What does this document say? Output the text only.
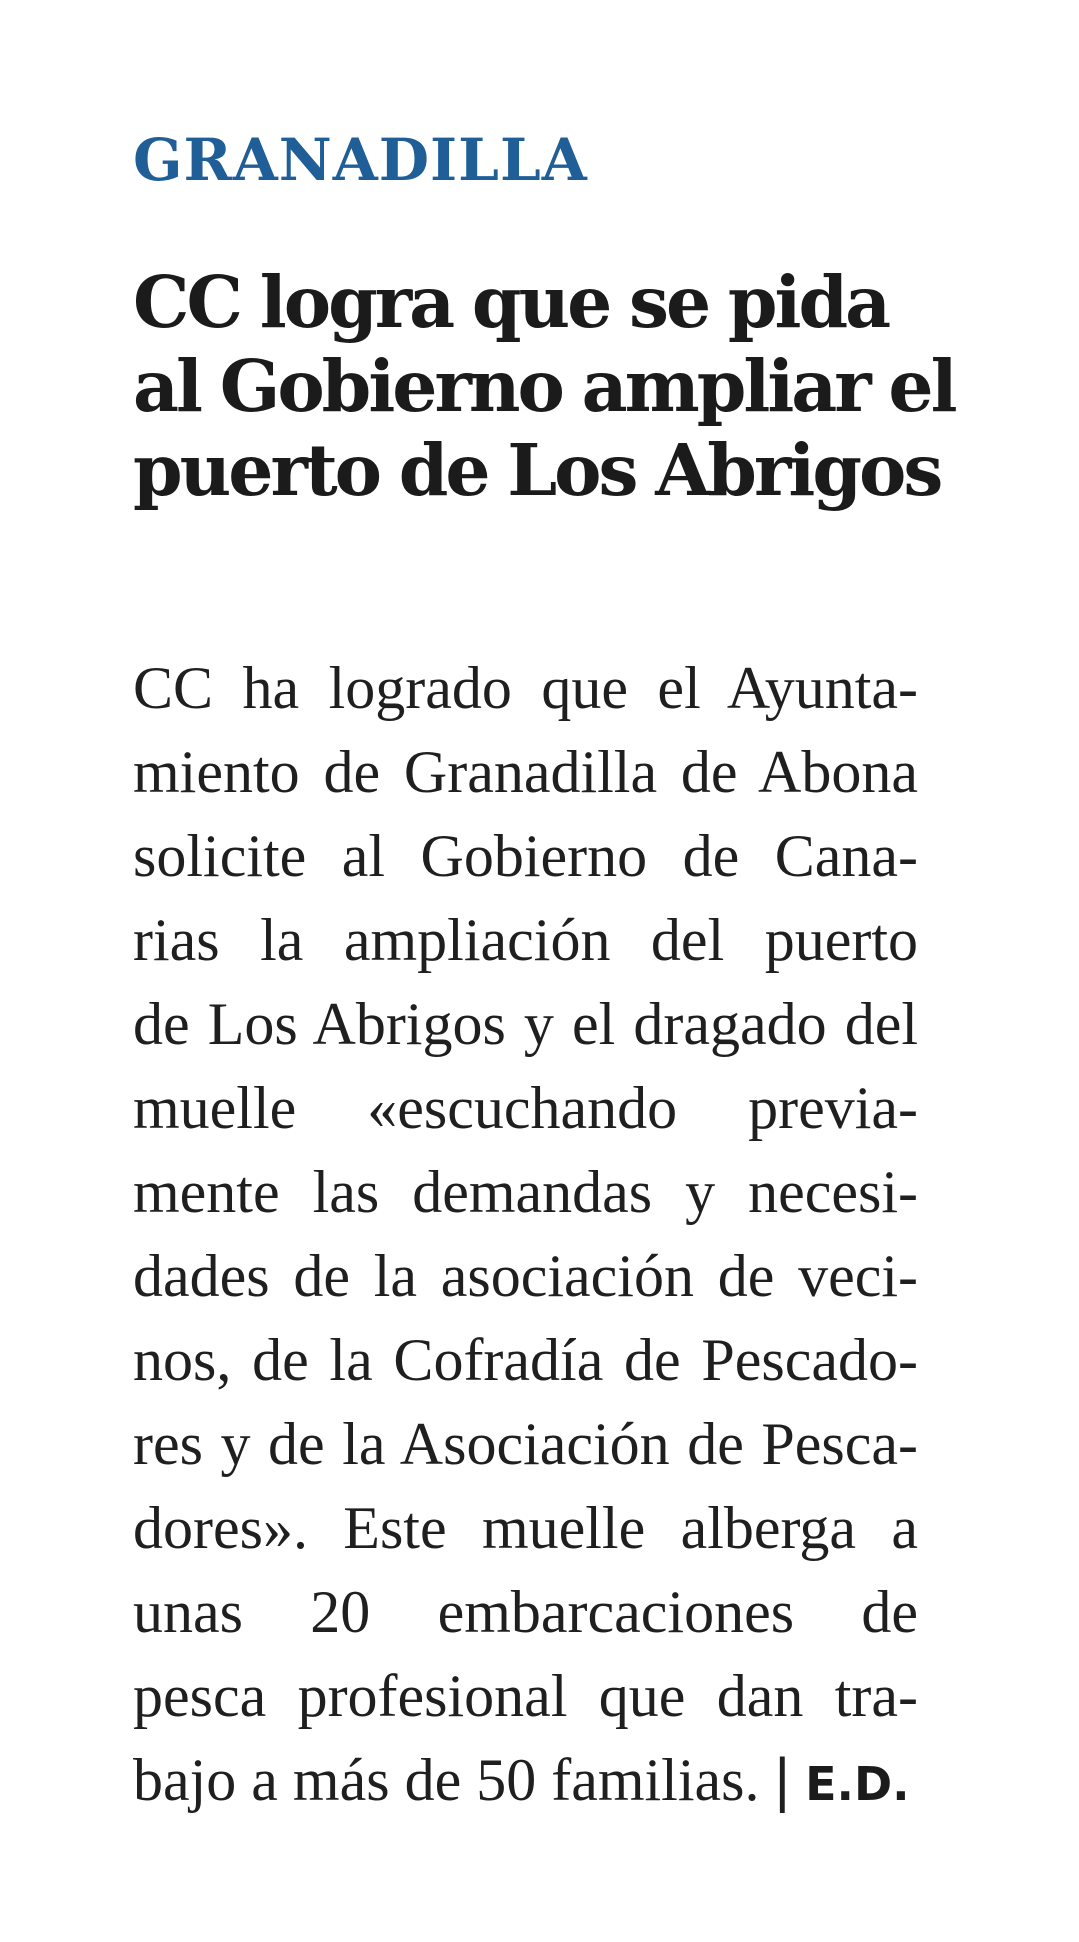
GRANADILLA
CC logra que se pida
al Gobierno ampliar el
puerto de Los Abrigos
CC ha logrado que el Ayunta-
miento de Granadilla de Abona
solicite al Gobierno de Cana-
rias la ampliación del puerto
de Los Abrigos y el dragado del
muelle «escuchando previa-
mente las demandas y necesi-
dades de la asociación de veci-
nos, de la Cofradía de Pescado-
res y de la Asociación de Pesca-
dores». Este muelle alberga a
unas 20 embarcaciones de
pesca profesional que dan tra-
bajo a más de 50 familias. | E.D.
